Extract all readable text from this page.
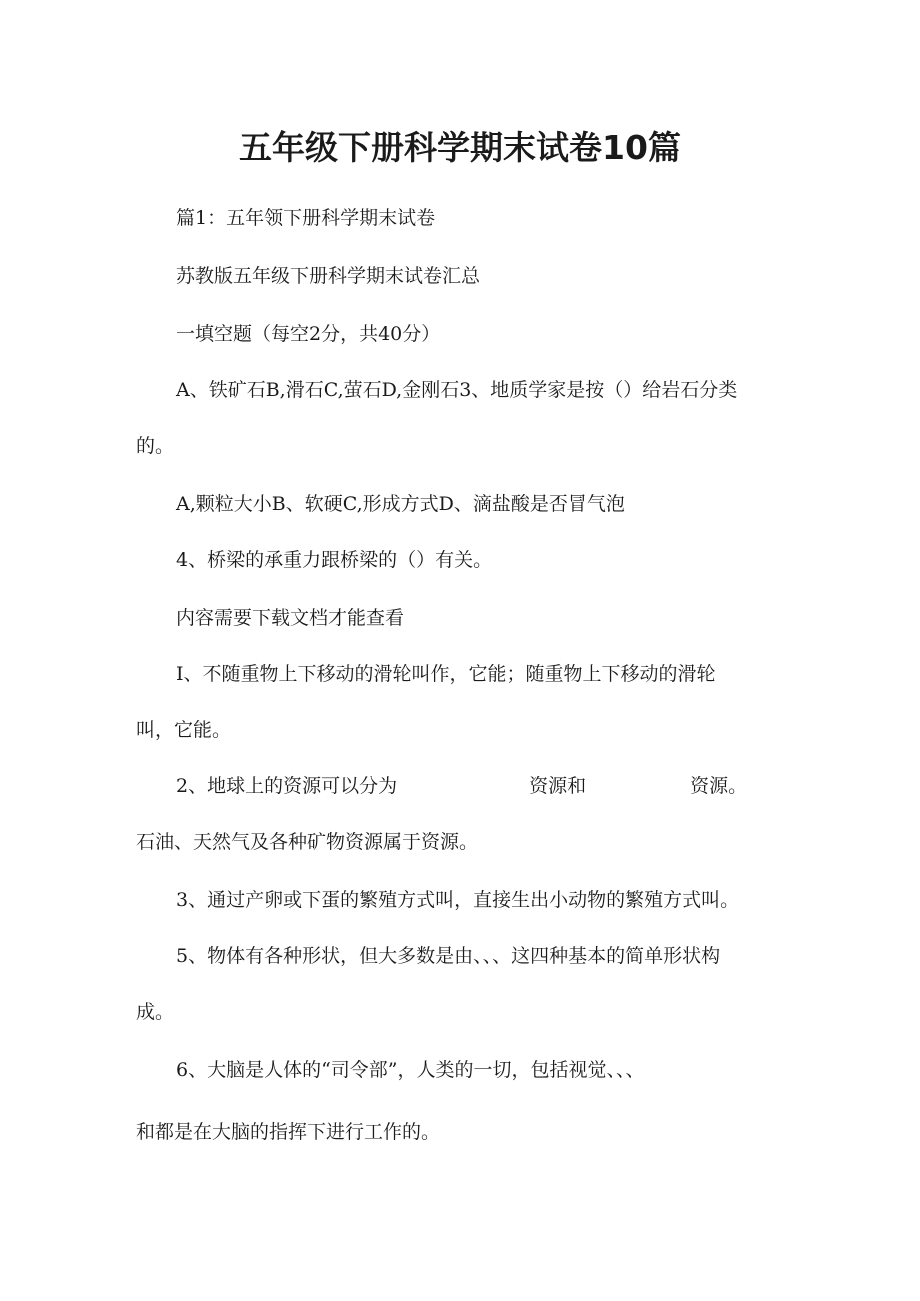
五年级下册科学期末试卷10篇

篇1：五年领下册科学期末试卷

苏教版五年级下册科学期末试卷汇总

一填空题（每空2分，共40分）

A、铁矿石B,滑石C,萤石D,金刚石3、地质学家是按（）给岩石分类

的。

A,颗粒大小B、软硬C,形成方式D、滴盐酸是否冒气泡

4、桥梁的承重力跟桥梁的（）有关。

内容需要下载文档才能查看

I、不随重物上下移动的滑轮叫作，它能；随重物上下移动的滑轮

叫，它能。

2、地球上的资源可以分为	资源和	资源。

石油、天然气及各种矿物资源属于资源。

3、通过产卵或下蛋的繁殖方式叫，直接生出小动物的繁殖方式叫。

5、物体有各种形状，但大多数是由、、、这四种基本的简单形状构

成。

6、大脑是人体的“司令部”，人类的一切，包括视觉、、、

和都是在大脑的指挥下进行工作的。
